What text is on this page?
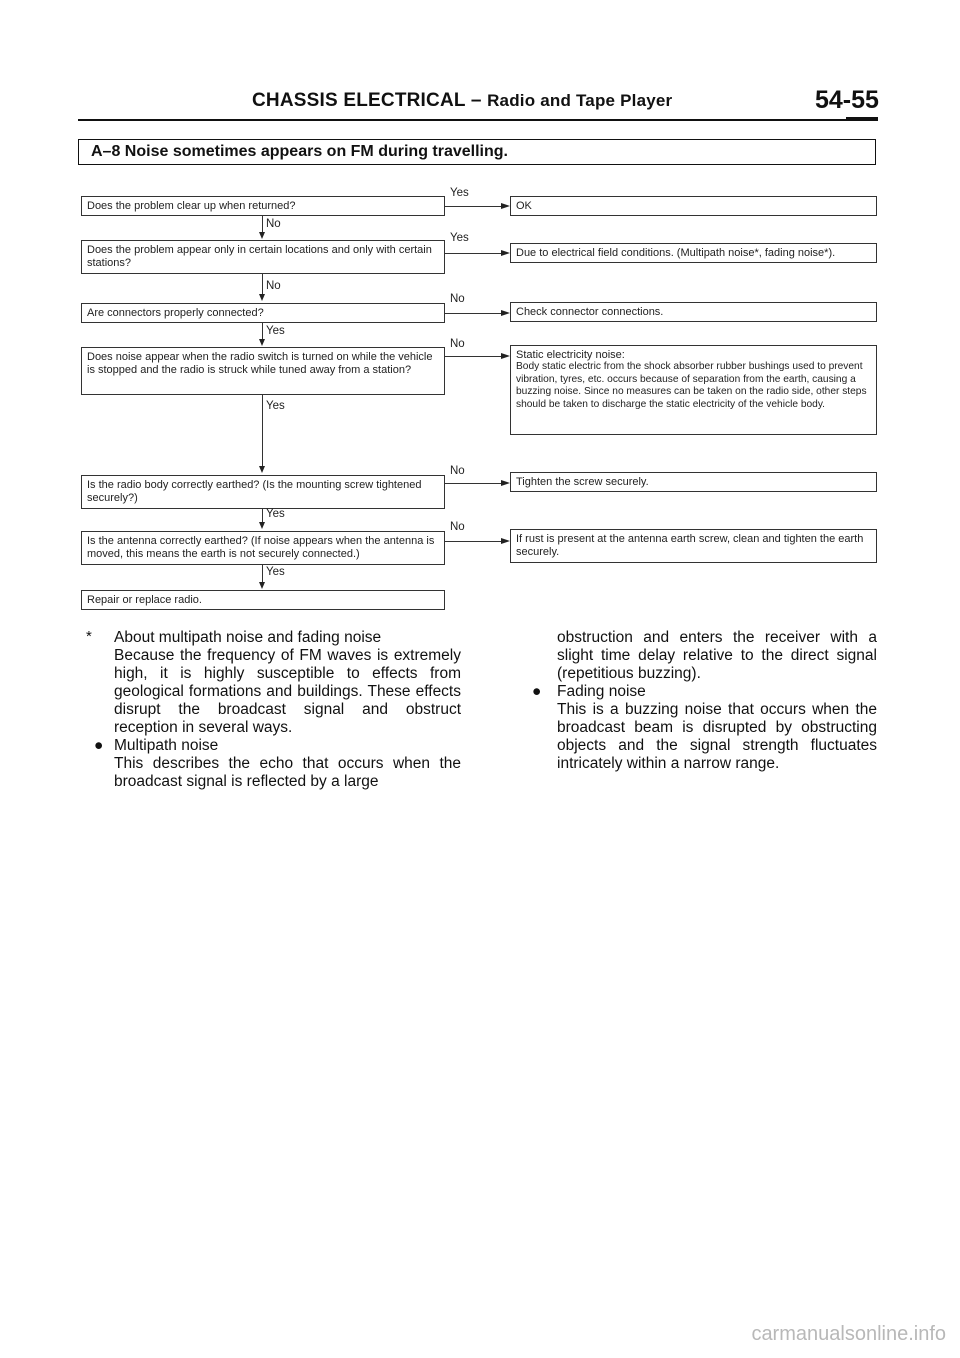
CHASSIS ELECTRICAL – Radio and Tape Player	54-55
A–8 Noise sometimes appears on FM during travelling.
Does the problem clear up when returned?
Yes
OK
No
Does the problem appear only in certain locations and only with certain stations?
Yes
Due to electrical field conditions. (Multipath noise*, fading noise*).
No
Are connectors properly connected?
No
Check connector connections.
Yes
Does noise appear when the radio switch is turned on while the vehicle is stopped and the radio is struck while tuned away from a station?
No
Static electricity noise:
Body static electric from the shock absorber rubber bushings used to prevent vibration, tyres, etc. occurs because of separation from the earth, causing a buzzing noise. Since no measures can be taken on the radio side, other steps should be taken to discharge the static electricity of the vehicle body.
Yes
Is the radio body correctly earthed? (Is the mounting screw tightened securely?)
No
Tighten the screw securely.
Yes
Is the antenna correctly earthed? (If noise appears when the antenna is moved, this means the earth is not securely connected.)
No
If rust is present at the antenna earth screw, clean and tighten the earth securely.
Yes
Repair or replace radio.
* About multipath noise and fading noise

Because the frequency of FM waves is extremely high, it is highly susceptible to effects from geological formations and buildings. These effects disrupt the broadcast signal and obstruct reception in several ways.

● Multipath noise

This describes the echo that occurs when the broadcast signal is reflected by a large

obstruction and enters the receiver with a slight time delay relative to the direct signal (repetitious buzzing).

● Fading noise

This is a buzzing noise that occurs when the broadcast beam is disrupted by obstructing objects and the signal strength fluctuates intricately within a narrow range.

carmanualsonline.info
